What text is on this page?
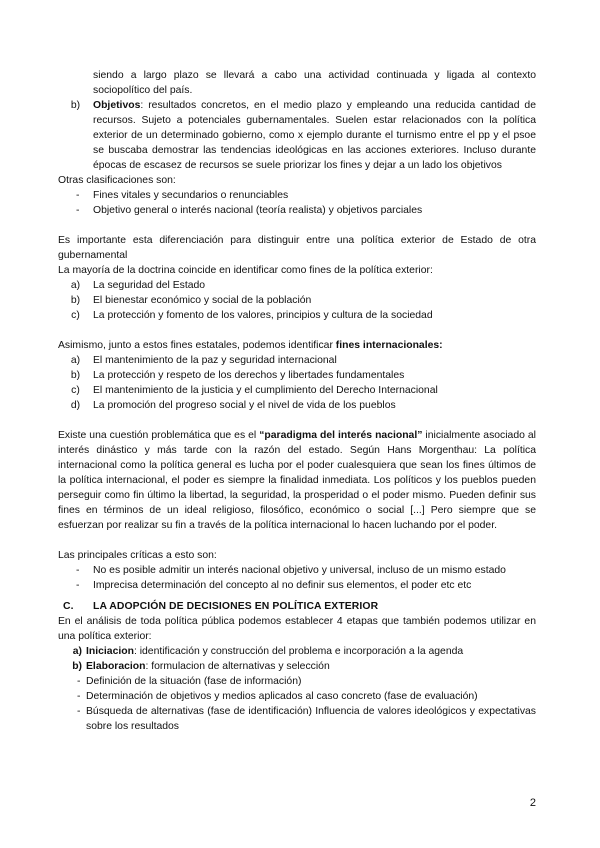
siendo a largo plazo se llevará a cabo una actividad continuada y ligada al contexto sociopolítico del país.

b)	Objetivos: resultados concretos, en el medio plazo y empleando una reducida cantidad de recursos. Sujeto a potenciales gubernamentales. Suelen estar relacionados con la política exterior de un determinado gobierno, como x ejemplo durante el turnismo entre el pp y el psoe se buscaba demostrar las tendencias ideológicas en las acciones exteriores. Incluso durante épocas de escasez de recursos se suele priorizar los fines y dejar a un lado los objetivos

Otras clasificaciones son:

-	Fines vitales y secundarios o renunciables
-	Objetivo general o interés nacional (teoría realista) y objetivos parciales

Es importante esta diferenciación para distinguir entre una política exterior de Estado de otra gubernamental

La mayoría de la doctrina coincide en identificar como fines de la política exterior:

a)	La seguridad del Estado
b)	El bienestar económico y social de la población
c)	La protección y fomento de los valores, principios y cultura de la sociedad

Asimismo, junto a estos fines estatales, podemos identificar fines internacionales:

a)	El mantenimiento de la paz y seguridad internacional
b)	La protección y respeto de los derechos y libertades fundamentales
c)	El mantenimiento de la justicia y el cumplimiento del Derecho Internacional
d)	La promoción del progreso social y el nivel de vida de los pueblos

Existe una cuestión problemática que es el “paradigma del interés nacional” inicialmente asociado al interés dinástico y más tarde con la razón del estado. Según Hans Morgenthau: La política internacional como la política general es lucha por el poder cualesquiera que sean los fines últimos de la política internacional, el poder es siempre la finalidad inmediata. Los políticos y los pueblos pueden perseguir como fin último la libertad, la seguridad, la prosperidad o el poder mismo. Pueden definir sus fines en términos de un ideal religioso, filosófico, económico o social [...] Pero siempre que se esfuerzan por realizar su fin a través de la política internacional lo hacen luchando por el poder.

Las principales críticas a esto son:

-	No es posible admitir un interés nacional objetivo y universal, incluso de un mismo estado
-	Imprecisa determinación del concepto al no definir sus elementos, el poder etc etc

C. LA ADOPCIÓN DE DECISIONES EN POLÍTICA EXTERIOR

En el análisis de toda política pública podemos establecer 4 etapas que también podemos utilizar en una política exterior:

a) Iniciacion: identificación y construcción del problema e incorporación a la agenda
b) Elaboracion: formulacion de alternativas y selección
- Definición de la situación (fase de información)
- Determinación de objetivos y medios aplicados al caso concreto (fase de evaluación)
- Búsqueda de alternativas (fase de identificación) Influencia de valores ideológicos y expectativas sobre los resultados
2
